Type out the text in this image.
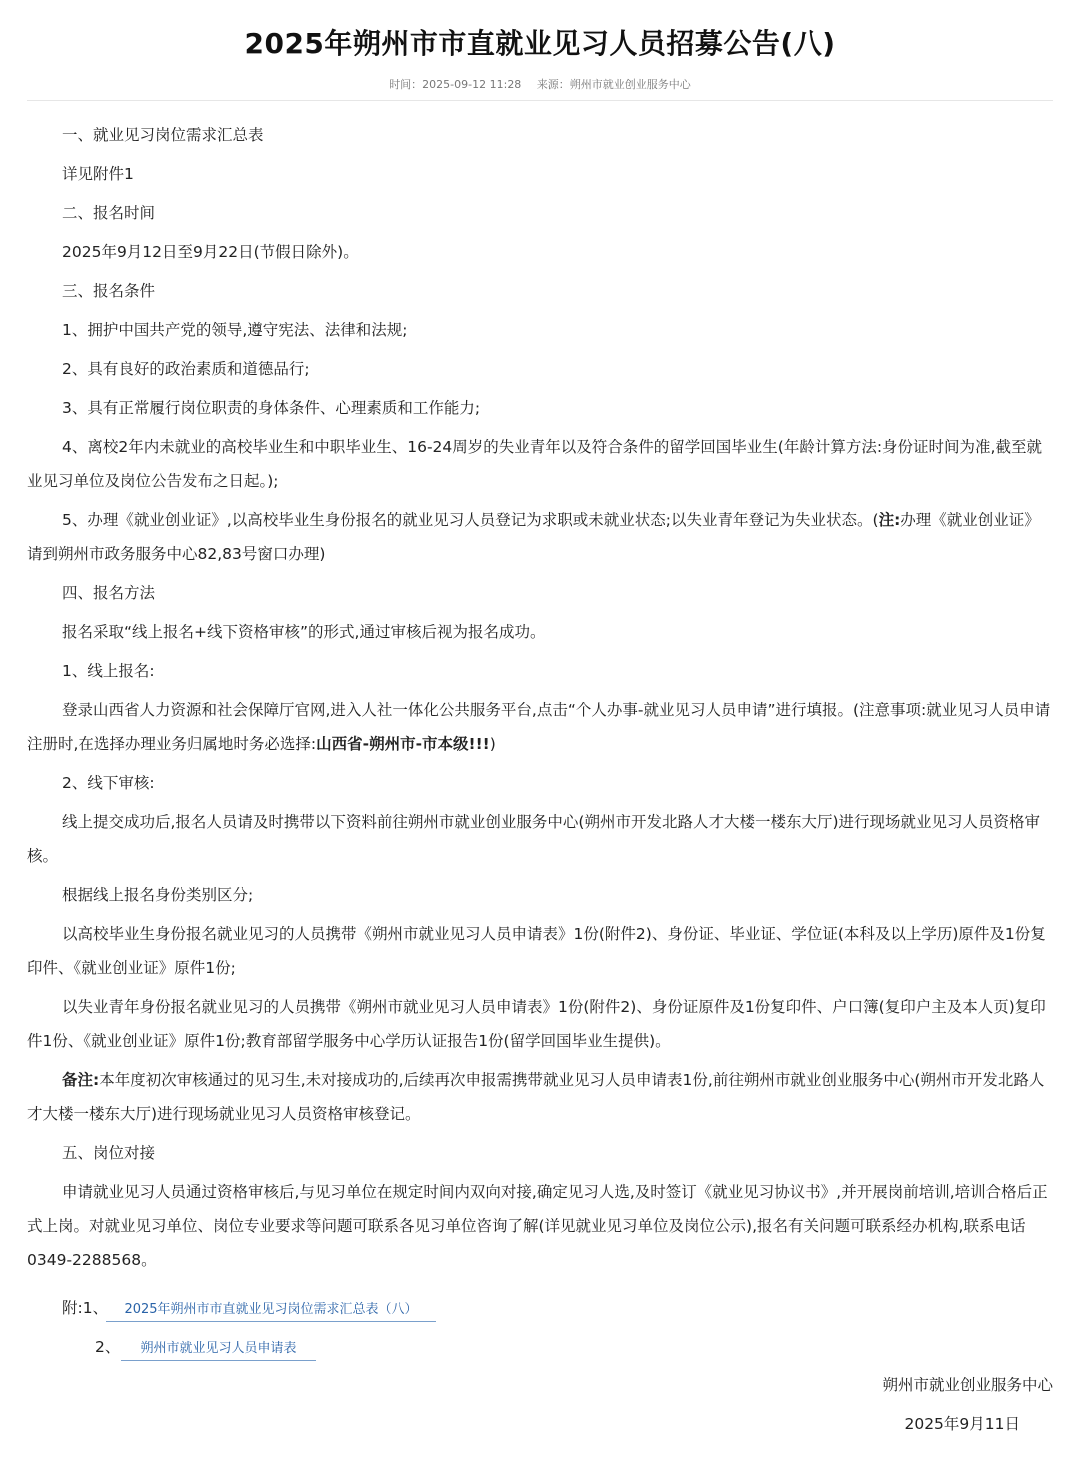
2025年朔州市市直就业见习人员招募公告(八)
时间：2025-09-12 11:28 来源：朔州市就业创业服务中心

一、就业见习岗位需求汇总表

详见附件1

二、报名时间

2025年9月12日至9月22日(节假日除外)。

三、报名条件

1、拥护中国共产党的领导,遵守宪法、法律和法规;

2、具有良好的政治素质和道德品行;

3、具有正常履行岗位职责的身体条件、心理素质和工作能力;

4、离校2年内未就业的高校毕业生和中职毕业生、16-24周岁的失业青年以及符合条件的留学回国毕业生(年龄计算方法:身份证时间为准,截至就业见习单位及岗位公告发布之日起。);

5、办理《就业创业证》,以高校毕业生身份报名的就业见习人员登记为求职或未就业状态;以失业青年登记为失业状态。(注:办理《就业创业证》请到朔州市政务服务中心82,83号窗口办理)

四、报名方法

报名采取“线上报名+线下资格审核”的形式,通过审核后视为报名成功。

1、线上报名:

登录山西省人力资源和社会保障厅官网,进入人社一体化公共服务平台,点击“个人办事-就业见习人员申请”进行填报。(注意事项:就业见习人员申请注册时,在选择办理业务归属地时务必选择:山西省-朔州市-市本级!!!)

2、线下审核:

线上提交成功后,报名人员请及时携带以下资料前往朔州市就业创业服务中心(朔州市开发北路人才大楼一楼东大厅)进行现场就业见习人员资格审核。

根据线上报名身份类别区分;

以高校毕业生身份报名就业见习的人员携带《朔州市就业见习人员申请表》1份(附件2)、身份证、毕业证、学位证(本科及以上学历)原件及1份复印件、《就业创业证》原件1份;

以失业青年身份报名就业见习的人员携带《朔州市就业见习人员申请表》1份(附件2)、身份证原件及1份复印件、户口簿(复印户主及本人页)复印件1份、《就业创业证》原件1份;教育部留学服务中心学历认证报告1份(留学回国毕业生提供)。

备注:本年度初次审核通过的见习生,未对接成功的,后续再次申报需携带就业见习人员申请表1份,前往朔州市就业创业服务中心(朔州市开发北路人才大楼一楼东大厅)进行现场就业见习人员资格审核登记。

五、岗位对接

申请就业见习人员通过资格审核后,与见习单位在规定时间内双向对接,确定见习人选,及时签订《就业见习协议书》,并开展岗前培训,培训合格后正式上岗。对就业见习单位、岗位专业要求等问题可联系各见习单位咨询了解(详见就业见习单位及岗位公示),报名有关问题可联系经办机构,联系电话0349-2288568。

附:1、	2025年朔州市市直就业见习岗位需求汇总表（八）
2、	朔州市就业见习人员申请表
朔州市就业创业服务中心
2025年9月11日
